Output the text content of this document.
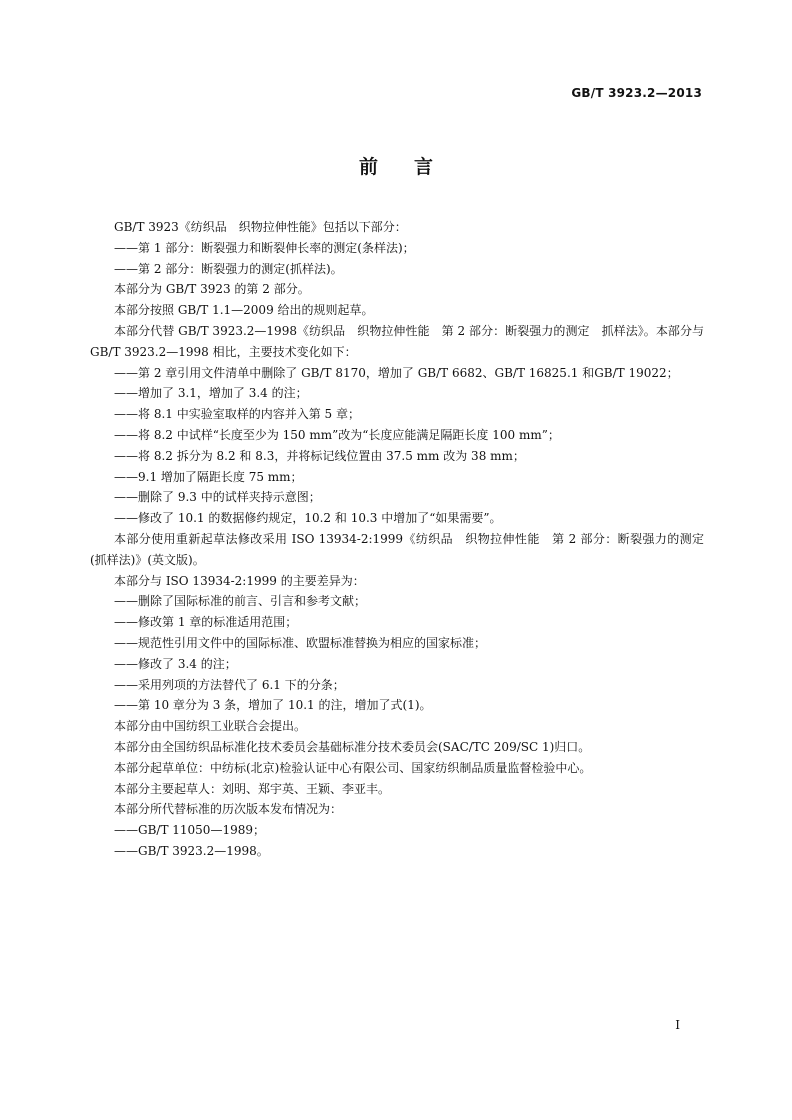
GB/T 3923.2—2013
前言
GB/T 3923《纺织品　织物拉伸性能》包括以下部分：
——第 1 部分：断裂强力和断裂伸长率的测定(条样法)；
——第 2 部分：断裂强力的测定(抓样法)。
本部分为 GB/T 3923 的第 2 部分。
本部分按照 GB/T 1.1—2009 给出的规则起草。
本部分代替 GB/T 3923.2—1998《纺织品　织物拉伸性能　第 2 部分：断裂强力的测定　抓样法》。本部分与 GB/T 3923.2—1998 相比，主要技术变化如下：
——第 2 章引用文件清单中删除了 GB/T 8170，增加了 GB/T 6682、GB/T 16825.1 和GB/T 19022；
——增加了 3.1，增加了 3.4 的注；
——将 8.1 中实验室取样的内容并入第 5 章；
——将 8.2 中试样“长度至少为 150 mm”改为“长度应能满足隔距长度 100 mm”；
——将 8.2 拆分为 8.2 和 8.3，并将标记线位置由 37.5 mm 改为 38 mm；
——9.1 增加了隔距长度 75 mm；
——删除了 9.3 中的试样夹持示意图；
——修改了 10.1 的数据修约规定，10.2 和 10.3 中增加了“如果需要”。
本部分使用重新起草法修改采用 ISO 13934-2:1999《纺织品　织物拉伸性能　第 2 部分：断裂强力的测定(抓样法)》(英文版)。
本部分与 ISO 13934-2:1999 的主要差异为：
——删除了国际标准的前言、引言和参考文献；
——修改第 1 章的标准适用范围；
——规范性引用文件中的国际标准、欧盟标准替换为相应的国家标准；
——修改了 3.4 的注；
——采用列项的方法替代了 6.1 下的分条；
——第 10 章分为 3 条，增加了 10.1 的注，增加了式(1)。
本部分由中国纺织工业联合会提出。
本部分由全国纺织品标准化技术委员会基础标准分技术委员会(SAC/TC 209/SC 1)归口。
本部分起草单位：中纺标(北京)检验认证中心有限公司、国家纺织制品质量监督检验中心。
本部分主要起草人：刘明、郑宇英、王颖、李亚丰。
本部分所代替标准的历次版本发布情况为：
——GB/T 11050—1989；
——GB/T 3923.2—1998。
I
